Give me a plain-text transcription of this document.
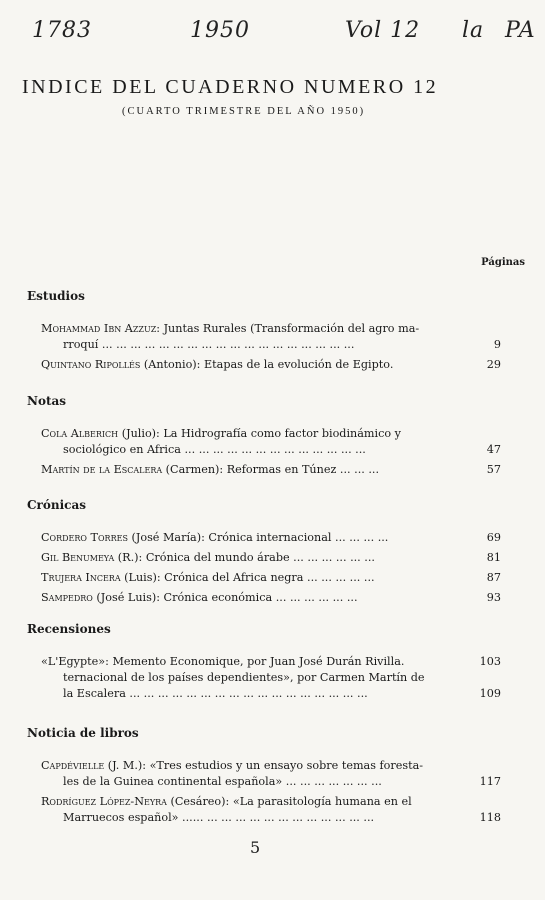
1783	1950	Vol 12 la PA
INDICE DEL CUADERNO NUMERO 12
(CUARTO TRIMESTRE DEL AÑO 1950)
Páginas
Estudios
Mohammad Ibn Azzuz: Juntas Rurales (Transformación del agro ma-
rroquí ... ... ... ... ... ... ... ... ... ... ... ... ... ... ... ... ... ...	9
Quintano Ripollés (Antonio): Etapas de la evolución de Egipto.	29
Notas
Cola Alberich (Julio): La Hidrografía como factor biodinámico y
sociológico en Africa ... ... ... ... ... ... ... ... ... ... ... ... ...	47
Martín de la Escalera (Carmen): Reformas en Túnez ... ... ...	57
Crónicas
Cordero Torres (José María): Crónica internacional ... ... ... ...	69
Gil Benumeya (R.): Crónica del mundo árabe ... ... ... ... ... ...	81
Trujera Incera (Luis): Crónica del Africa negra ... ... ... ... ...	87
Sampedro (José Luis): Crónica económica ... ... ... ... ... ...	93
Recensiones
«L'Egypte»: Memento Economique, por Juan José Durán Rivilla.	103
ternacional de los países dependientes», por Carmen Martín de
la Escalera ... ... ... ... ... ... ... ... ... ... ... ... ... ... ... ... ...	109
Noticia de libros
Capdévielle (J. M.): «Tres estudios y un ensayo sobre temas foresta-
les de la Guinea continental española» ... ... ... ... ... ... ...	117
Rodríguez López-Neyra (Cesáreo): «La parasitología humana en el
Marruecos español» ...... ... ... ... ... ... ... ... ... ... ... ... ...	118
5
